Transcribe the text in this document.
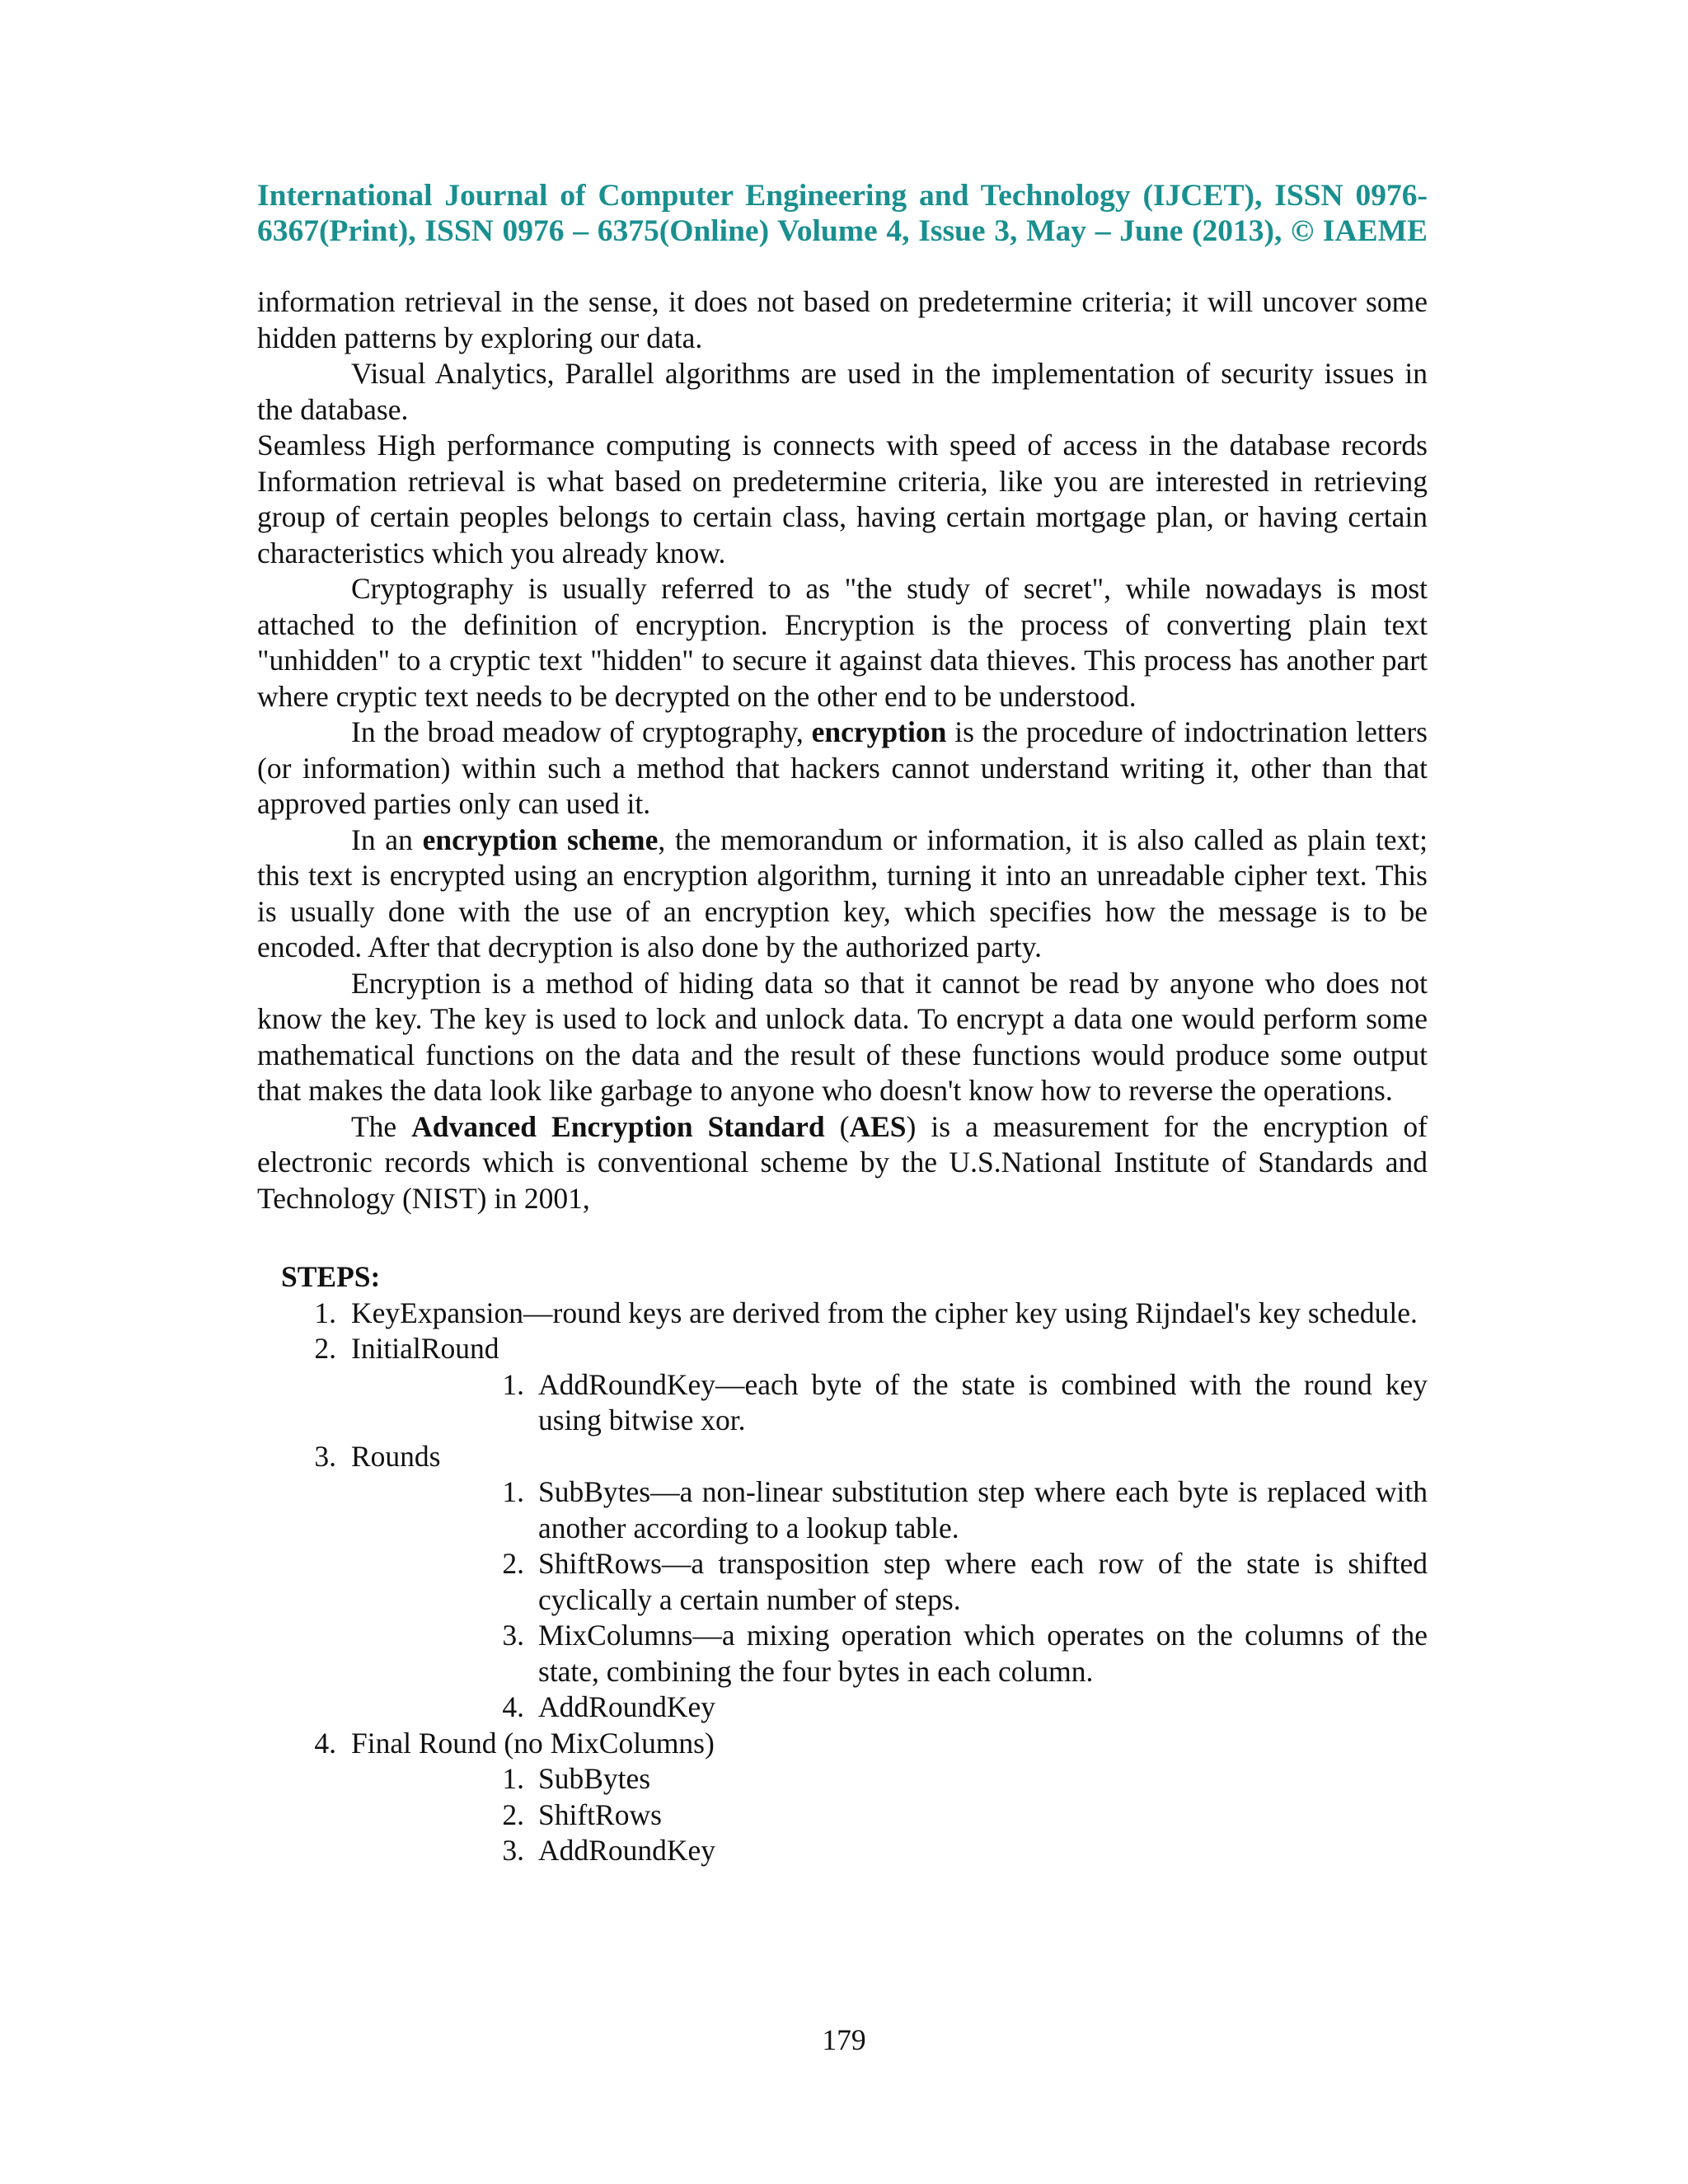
International Journal of Computer Engineering and Technology (IJCET), ISSN 0976-
6367(Print), ISSN 0976 – 6375(Online) Volume 4, Issue 3, May – June (2013), © IAEME

information retrieval in the sense, it does not based on predetermine criteria; it will uncover some hidden patterns by exploring our data.

Visual Analytics, Parallel algorithms are used in the implementation of security issues in the database.

Seamless High performance computing is connects with speed of access in the database records Information retrieval is what based on predetermine criteria, like you are interested in retrieving group of certain peoples belongs to certain class, having certain mortgage plan, or having certain characteristics which you already know.

Cryptography is usually referred to as "the study of secret", while nowadays is most attached to the definition of encryption. Encryption is the process of converting plain text "unhidden" to a cryptic text "hidden" to secure it against data thieves. This process has another part where cryptic text needs to be decrypted on the other end to be understood.

In the broad meadow of cryptography, encryption is the procedure of indoctrination letters (or information) within such a method that hackers cannot understand writing it, other than that approved parties only can used it.

In an encryption scheme, the memorandum or information, it is also called as plain text; this text is encrypted using an encryption algorithm, turning it into an unreadable cipher text. This is usually done with the use of an encryption key, which specifies how the message is to be encoded. After that decryption is also done by the authorized party.

Encryption is a method of hiding data so that it cannot be read by anyone who does not know the key. The key is used to lock and unlock data. To encrypt a data one would perform some mathematical functions on the data and the result of these functions would produce some output that makes the data look like garbage to anyone who doesn't know how to reverse the operations.

The Advanced Encryption Standard (AES) is a measurement for the encryption of electronic records which is conventional scheme by the U.S.National Institute of Standards and Technology (NIST) in 2001,

STEPS:
1. KeyExpansion—round keys are derived from the cipher key using Rijndael's key schedule.
2. InitialRound
1. AddRoundKey—each byte of the state is combined with the round key using bitwise xor.
3. Rounds
1. SubBytes—a non-linear substitution step where each byte is replaced with another according to a lookup table.
2. ShiftRows—a transposition step where each row of the state is shifted cyclically a certain number of steps.
3. MixColumns—a mixing operation which operates on the columns of the state, combining the four bytes in each column.
4. AddRoundKey
4. Final Round (no MixColumns)
1. SubBytes
2. ShiftRows
3. AddRoundKey
179
